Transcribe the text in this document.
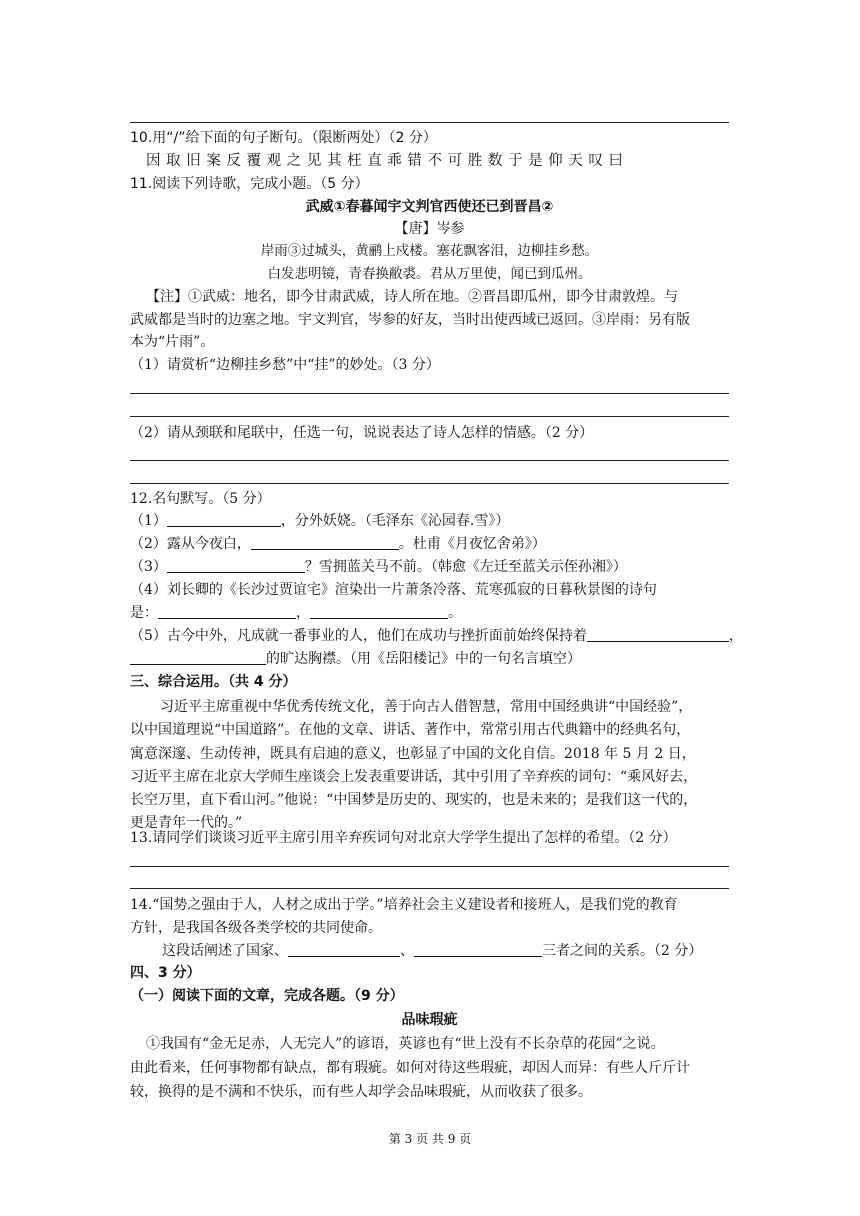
10.用“/”给下面的句子断句。（限断两处）（2 分）
因 取 旧 案 反 覆 观 之 见 其 枉 直 乖 错 不 可 胜 数 于 是 仰 天 叹 曰
11.阅读下列诗歌，完成小题。（5 分）
武威①春暮闻宇文判官西使还已到晋昌②
【唐】岑参
岸雨③过城头，黄鹂上戍楼。塞花飘客泪，边柳挂乡愁。
白发悲明镜，青春换敝裘。君从万里使，闻已到瓜州。
【注】①武威：地名，即今甘肃武威，诗人所在地。②晋昌即瓜州，即今甘肃敦煌。与
武威都是当时的边塞之地。宇文判官，岑参的好友，当时出使西域已返回。③岸雨：另有版
本为“片雨”。
（1）请赏析“边柳挂乡愁”中“挂”的妙处。（3 分）
（2）请从颈联和尾联中，任选一句，说说表达了诗人怎样的情感。（2 分）
12.名句默写。（5 分）
（1）	，分外妖娆。（毛泽东《沁园春.雪》）
（2）露从今夜白，	。杜甫《月夜忆舍弟》）
（3）	？雪拥蓝关马不前。（韩愈《左迁至蓝关示侄孙湘》）
（4）刘长卿的《长沙过贾谊宅》渲染出一片萧条冷落、荒寒孤寂的日暮秋景图的诗句
是：	，	。
（5）古今中外，凡成就一番事业的人，他们在成功与挫折面前始终保持着	，
的旷达胸襟。（用《岳阳楼记》中的一句名言填空）
三、综合运用。（共 4 分）
习近平主席重视中华优秀传统文化，善于向古人借智慧，常用中国经典讲“中国经验”，
以中国道理说“中国道路”。在他的文章、讲话、著作中，常常引用古代典籍中的经典名句，
寓意深邃、生动传神，既具有启迪的意义，也彰显了中国的文化自信。2018 年 5 月 2 日，
习近平主席在北京大学师生座谈会上发表重要讲话，其中引用了辛弃疾的词句：“乘风好去，
长空万里，直下看山河。”他说：“中国梦是历史的、现实的，也是未来的；是我们这一代的，
更是青年一代的。”
13.请同学们谈谈习近平主席引用辛弃疾词句对北京大学学生提出了怎样的希望。（2 分）
14.“国势之强由于人，人材之成出于学。”培养社会主义建设者和接班人，是我们党的教育
方针，是我国各级各类学校的共同使命。
这段话阐述了国家、	、	三者之间的关系。（2 分）
四、3 分）
（一）阅读下面的文章，完成各题。（9 分）
品味瑕疵
①我国有“金无足赤，人无完人”的谚语，英谚也有“世上没有不长杂草的花园”之说。
由此看来，任何事物都有缺点，都有瑕疵。如何对待这些瑕疵，却因人而异：有些人斤斤计
较，换得的是不满和不快乐，而有些人却学会品味瑕疵，从而收获了很多。
第 3 页 共 9 页
